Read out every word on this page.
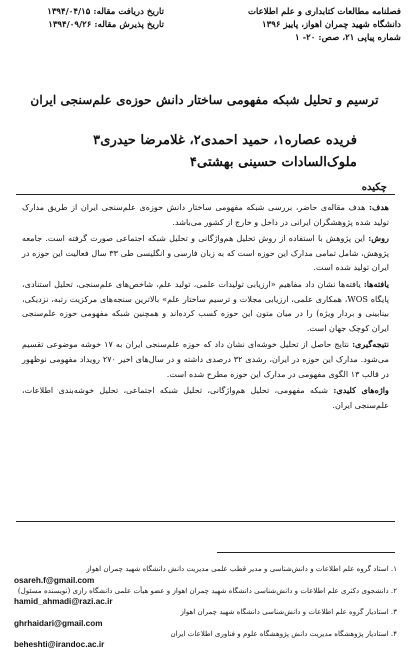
فصلنامه مطالعات کتابداری و علم اطلاعات
دانشگاه شهید چمران اهواز، پاییز ۱۳۹۶
شماره پیاپی ۲۱، صص: ۲۰- ۱
تاریخ دریافت مقاله: ۱۳۹۴/۰۴/۱۵
تاریخ پذیرش مقاله: ۱۳۹۴/۰۹/۲۶
ترسیم و تحلیل شبکه مفهومی ساختار دانش حوزه‌ی علم‌سنجی ایران
فریده عصاره۱، حمید احمدی۲، غلامرضا حیدری۳
ملوک‌السادات حسینی بهشتی۴
چکیده

هدف: هدف مقاله‌ی حاضر، بررسی شبکه مفهومی ساختار دانش حوزه‌ی علم‌سنجی ایران از طریق مدارک تولید شده پژوهشگران ایرانی در داخل و خارج از کشور می‌باشد.

روش: این پژوهش با استفاده از روش تحلیل هم‌واژگانی و تحلیل شبکه اجتماعی صورت گرفته است. جامعه پژوهش، شامل تمامی مدارک این حوزه است که به زبان فارسی و انگلیسی طی ۳۳ سال فعالیت این حوزه در ایران تولید شده است.

یافته‌ها: یافته‌ها نشان داد مفاهیم «ارزیابی تولیدات علمی، تولید علم، شاخص‌های علم‌سنجی، تحلیل استنادی، پایگاه WOS، همکاری علمی، ارزیابی مجلات و ترسیم ساختار علم» بالاترین سنجه‌های مرکزیت رتبه، نزدیکی، بینابینی و بردار ویژه) را در میان متون این حوزه کسب کرده‌اند و همچنین شبکه مفهومی حوزه علم‌سنجی ایران کوچک جهان است.

نتیجه‌گیری: نتایج حاصل از تحلیل خوشه‌ای نشان داد که حوزه علم‌سنجی ایران به ۱۷ خوشه موضوعی تقسیم می‌شود. مدارک این حوزه در ایران، رشدی ۳۲ درصدی داشته و در سال‌های اخیر ۲۷۰ رویداد مفهومی نوظهور در قالب ۱۳ الگوی مفهومی در مدارک این حوزه مطرح شده است.

واژه‌های کلیدی: شبکه مفهومی، تحلیل هم‌واژگانی، تحلیل شبکه اجتماعی، تحلیل خوشه‌بندی اطلاعات، علم‌سنجی ایران.

۱. استاد گروه علم اطلاعات و دانش‌شناسی و مدیر قطب علمی مدیریت دانش دانشگاه شهید چمران اهواز
osareh.f@gmail.com
۲. دانشجوی دکتری علم اطلاعات و دانش‌شناسی دانشگاه شهید چمران اهواز و عضو هیأت علمی دانشگاه رازی (نویسنده مسئول)
hamid_ahmadi@razi.ac.ir
۳. استادیار گروه علم اطلاعات و دانش‌شناسی دانشگاه شهید چمران اهواز
ghrhaidari@gmail.com
۴. استادیار پژوهشگاه مدیریت دانش پژوهشگاه علوم و فناوری اطلاعات ایران
beheshti@irandoc.ac.ir
